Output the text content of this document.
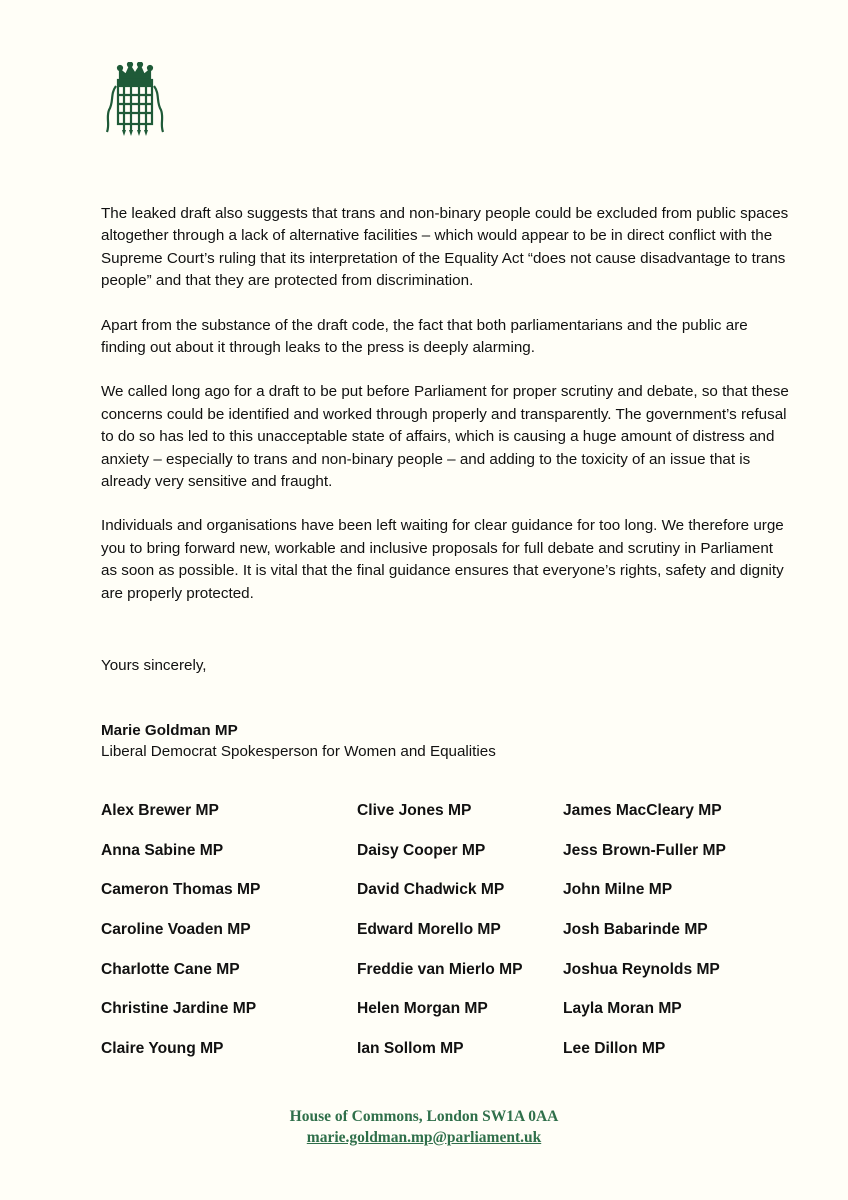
The leaked draft also suggests that trans and non-binary people could be excluded from public spaces altogether through a lack of alternative facilities – which would appear to be in direct conflict with the Supreme Court’s ruling that its interpretation of the Equality Act “does not cause disadvantage to trans people” and that they are protected from discrimination.

Apart from the substance of the draft code, the fact that both parliamentarians and the public are finding out about it through leaks to the press is deeply alarming.

We called long ago for a draft to be put before Parliament for proper scrutiny and debate, so that these concerns could be identified and worked through properly and transparently. The government’s refusal to do so has led to this unacceptable state of affairs, which is causing a huge amount of distress and anxiety – especially to trans and non-binary people – and adding to the toxicity of an issue that is already very sensitive and fraught.

Individuals and organisations have been left waiting for clear guidance for too long. We therefore urge you to bring forward new, workable and inclusive proposals for full debate and scrutiny in Parliament as soon as possible. It is vital that the final guidance ensures that everyone’s rights, safety and dignity are properly protected.

Yours sincerely,
Marie Goldman MP
Liberal Democrat Spokesperson for Women and Equalities
Alex Brewer MP
Anna Sabine MP
Cameron Thomas MP
Caroline Voaden MP
Charlotte Cane MP
Christine Jardine MP
Claire Young MP
Clive Jones MP
Daisy Cooper MP
David Chadwick MP
Edward Morello MP
Freddie van Mierlo MP
Helen Morgan MP
Ian Sollom MP
James MacCleary MP
Jess Brown-Fuller MP
John Milne MP
Josh Babarinde MP
Joshua Reynolds MP
Layla Moran MP
Lee Dillon MP
House of Commons, London SW1A 0AA
marie.goldman.mp@parliament.uk
